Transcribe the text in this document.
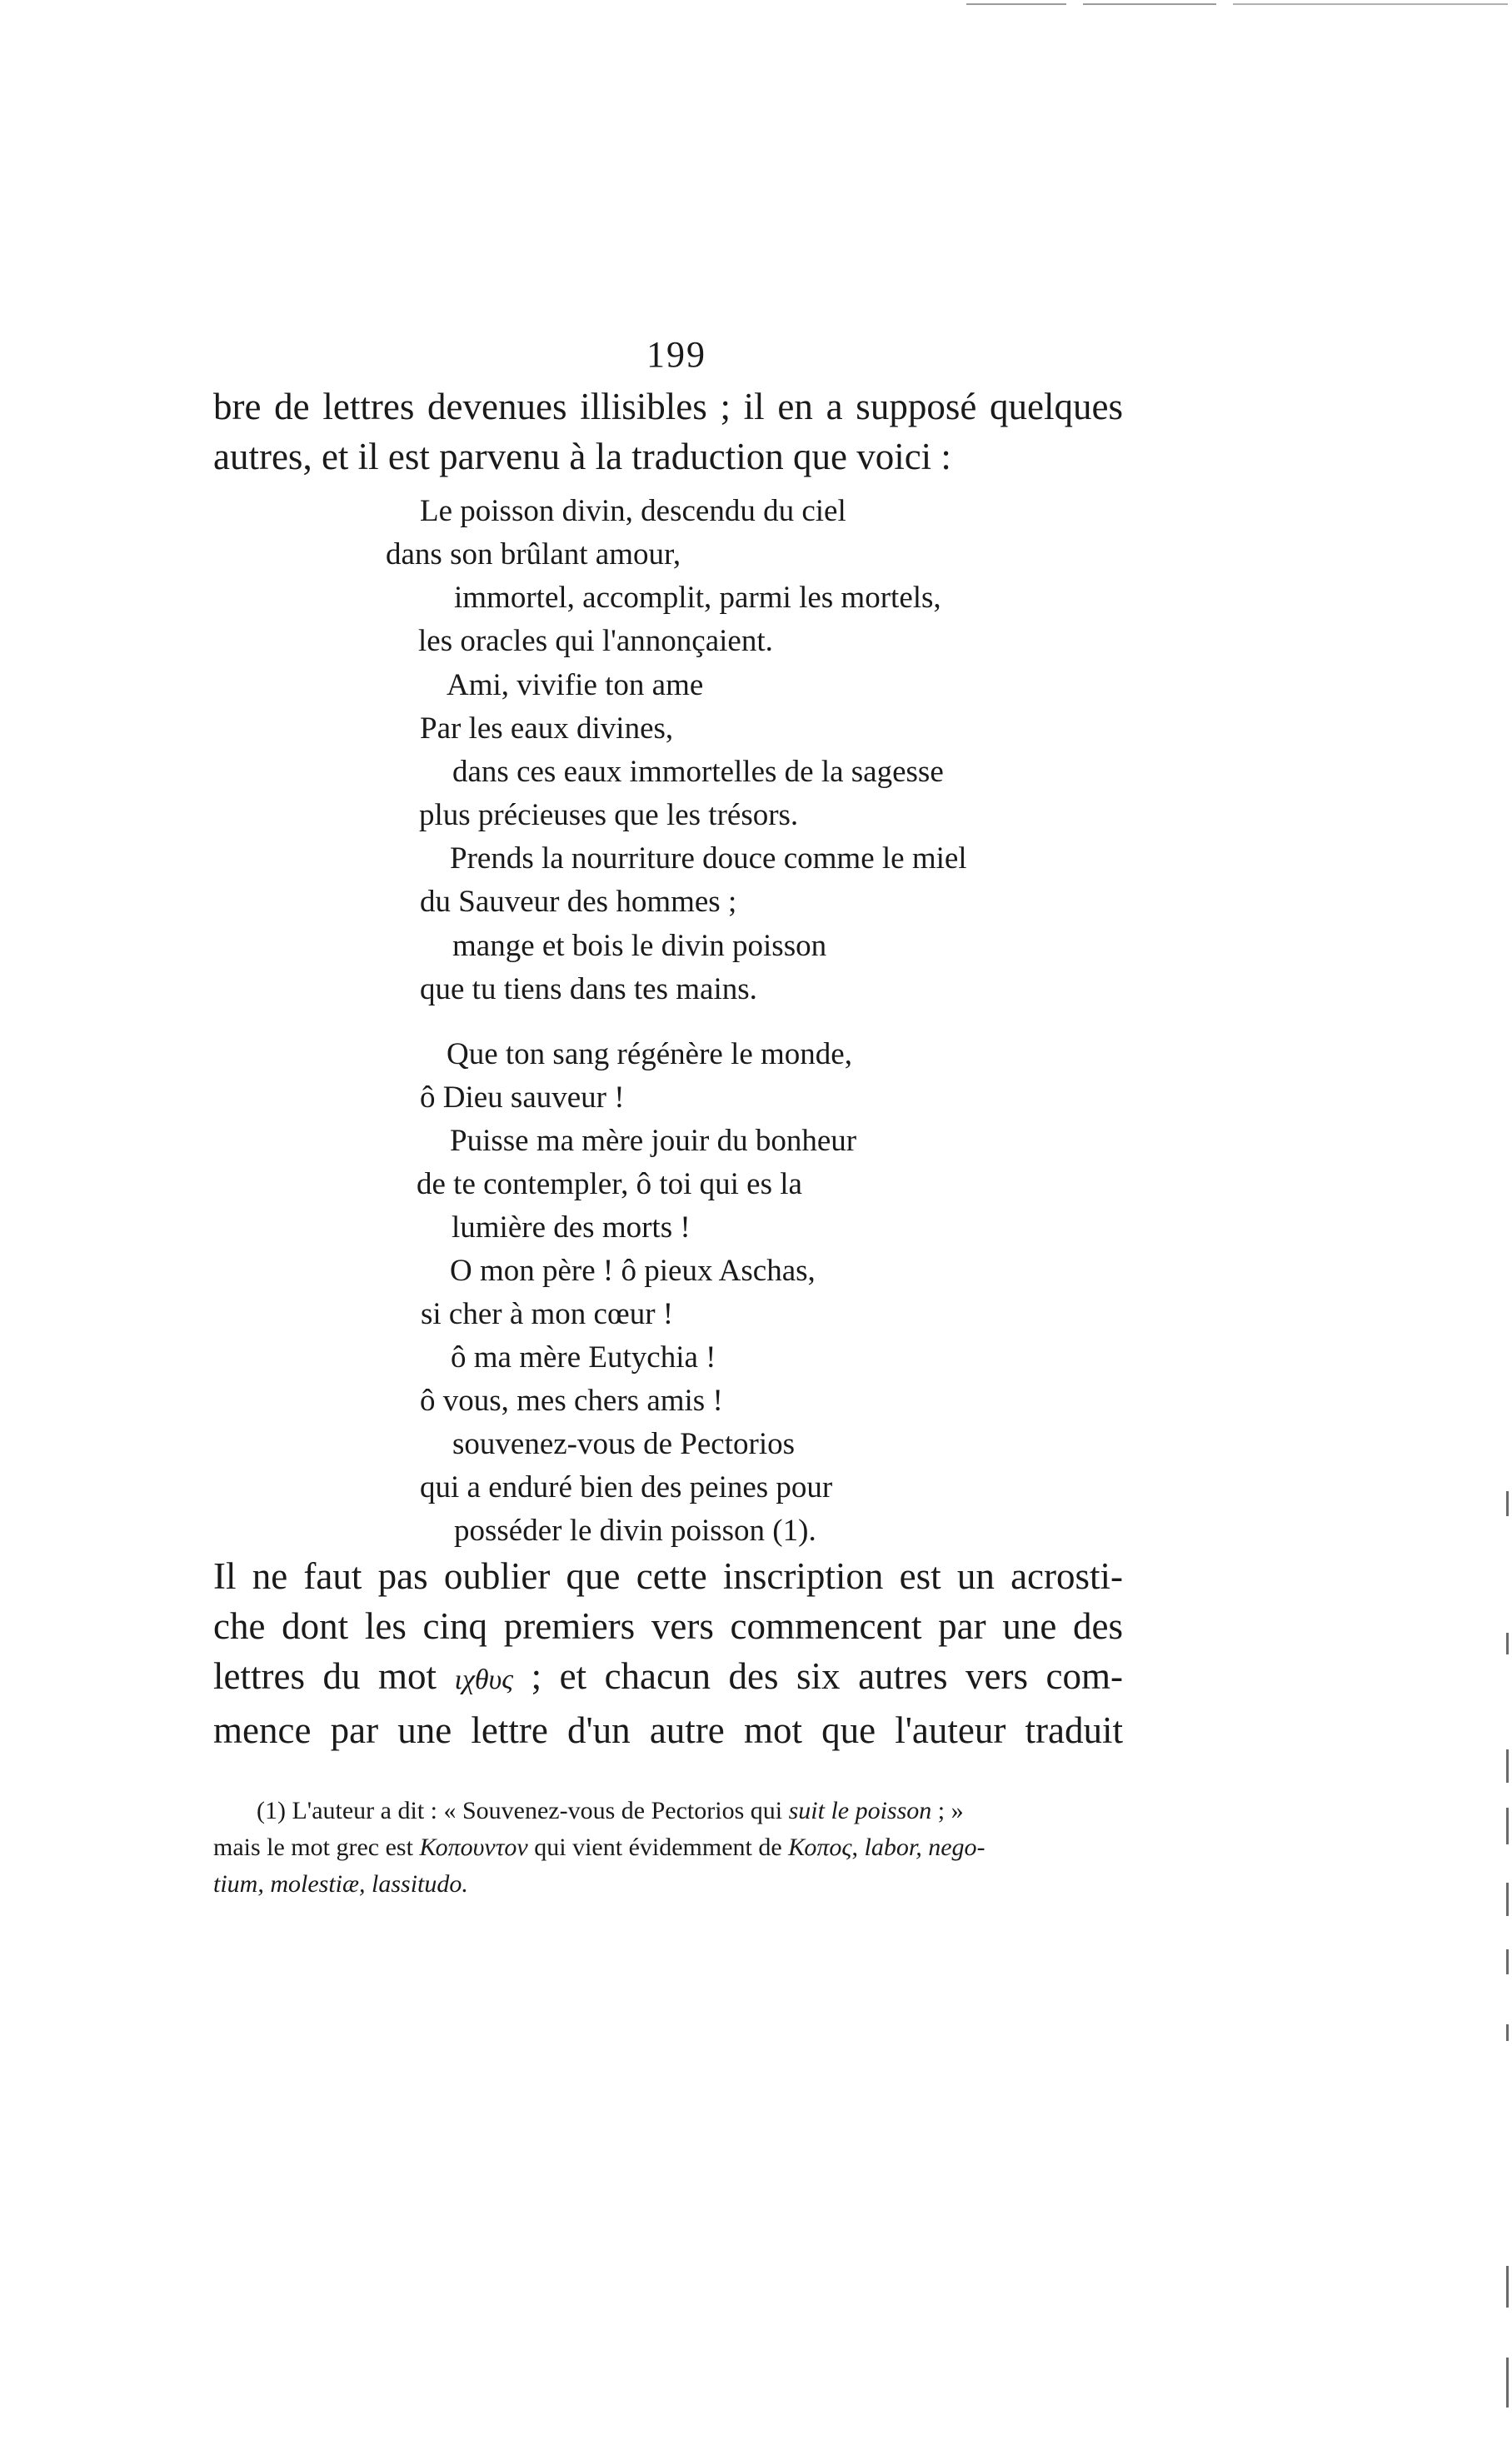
199
bre de lettres devenues illisibles ; il en a supposé quelques
autres, et il est parvenu à la traduction que voici :
Le poisson divin, descendu du ciel
dans son brûlant amour,
immortel, accomplit, parmi les mortels,
les oracles qui l'annonçaient.
Ami, vivifie ton ame
Par les eaux divines,
dans ces eaux immortelles de la sagesse
plus précieuses que les trésors.
Prends la nourriture douce comme le miel
du Sauveur des hommes ;
mange et bois le divin poisson
que tu tiens dans tes mains.
Que ton sang régénère le monde,
ô Dieu sauveur !
Puisse ma mère jouir du bonheur
de te contempler, ô toi qui es la
lumière des morts !
O mon père ! ô pieux Aschas,
si cher à mon cœur !
ô ma mère Eutychia !
ô vous, mes chers amis !
souvenez-vous de Pectorios
qui a enduré bien des peines pour
posséder le divin poisson (1).
Il ne faut pas oublier que cette inscription est un acrosti-
che dont les cinq premiers vers commencent par une des
lettres du mot ιχθυς ; et chacun des six autres vers com-
mence par une lettre d'un autre mot que l'auteur traduit
(1) L'auteur a dit : « Souvenez-vous de Pectorios qui suit le poisson ; »
mais le mot grec est Κοπουντον qui vient évidemment de Κοπος, labor, nego-
tium, molestiæ, lassitudo.
